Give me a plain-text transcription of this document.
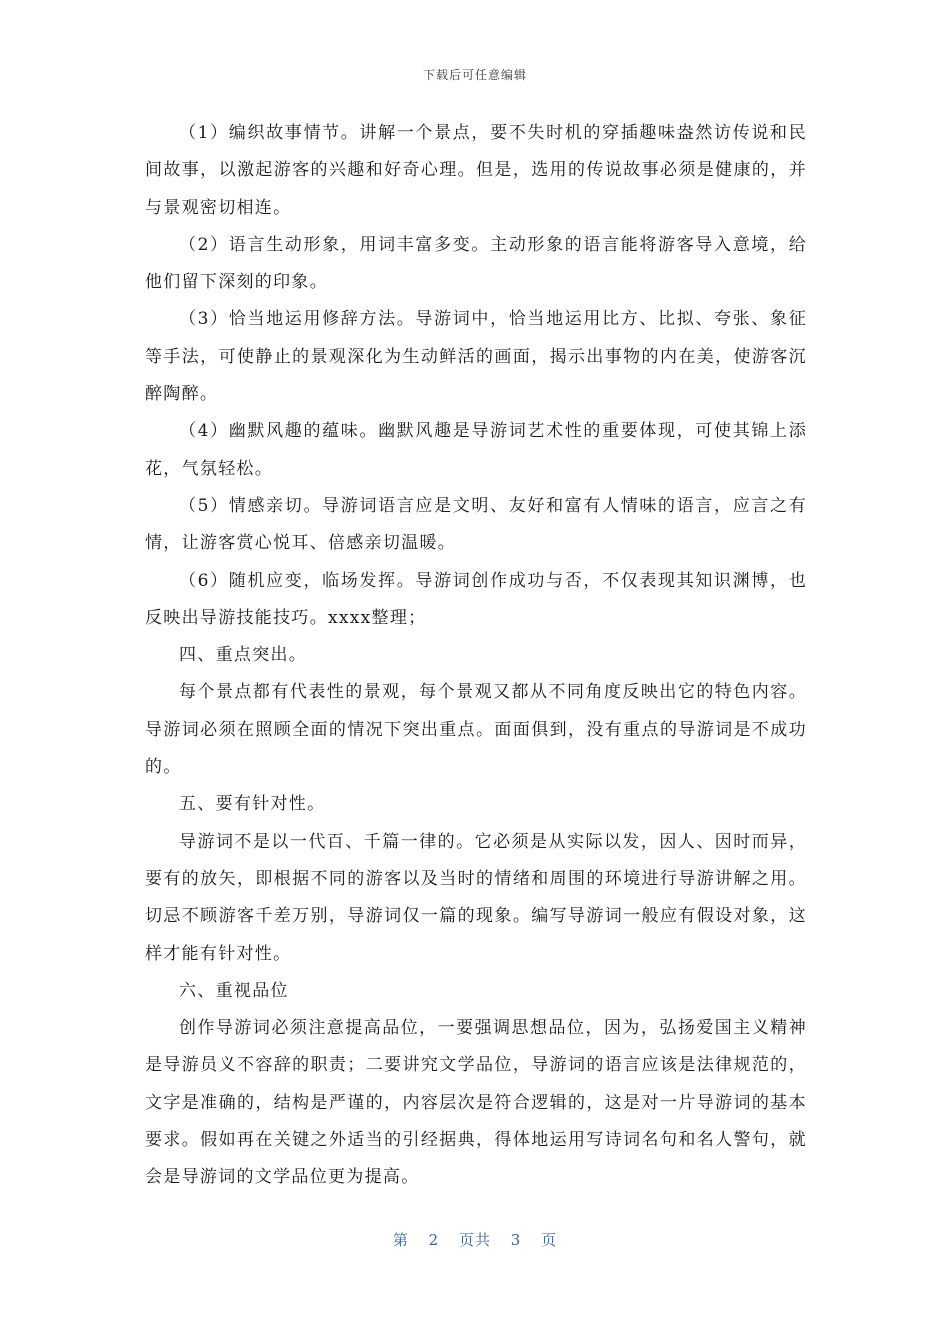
下载后可任意编辑

（1）编织故事情节。讲解一个景点，要不失时机的穿插趣味盎然访传说和民间故事，以激起游客的兴趣和好奇心理。但是，选用的传说故事必须是健康的，并与景观密切相连。

（2）语言生动形象，用词丰富多变。主动形象的语言能将游客导入意境，给他们留下深刻的印象。

（3）恰当地运用修辞方法。导游词中，恰当地运用比方、比拟、夸张、象征等手法，可使静止的景观深化为生动鲜活的画面，揭示出事物的内在美，使游客沉醉陶醉。

（4）幽默风趣的蕴味。幽默风趣是导游词艺术性的重要体现，可使其锦上添花，气氛轻松。

（5）情感亲切。导游词语言应是文明、友好和富有人情味的语言，应言之有情，让游客赏心悦耳、倍感亲切温暖。

（6）随机应变，临场发挥。导游词创作成功与否，不仅表现其知识渊博，也反映出导游技能技巧。xxxx整理；

四、重点突出。

每个景点都有代表性的景观，每个景观又都从不同角度反映出它的特色内容。导游词必须在照顾全面的情况下突出重点。面面俱到，没有重点的导游词是不成功的。

五、要有针对性。

导游词不是以一代百、千篇一律的。它必须是从实际以发，因人、因时而异，要有的放矢，即根据不同的游客以及当时的情绪和周围的环境进行导游讲解之用。切忌不顾游客千差万别，导游词仅一篇的现象。编写导游词一般应有假设对象，这样才能有针对性。

六、重视品位

创作导游词必须注意提高品位，一要强调思想品位，因为，弘扬爱国主义精神是导游员义不容辞的职责；二要讲究文学品位，导游词的语言应该是法律规范的，文字是准确的，结构是严谨的，内容层次是符合逻辑的，这是对一片导游词的基本要求。假如再在关键之外适当的引经据典，得体地运用写诗词名句和名人警句，就会是导游词的文学品位更为提高。

第 2 页共 3 页
